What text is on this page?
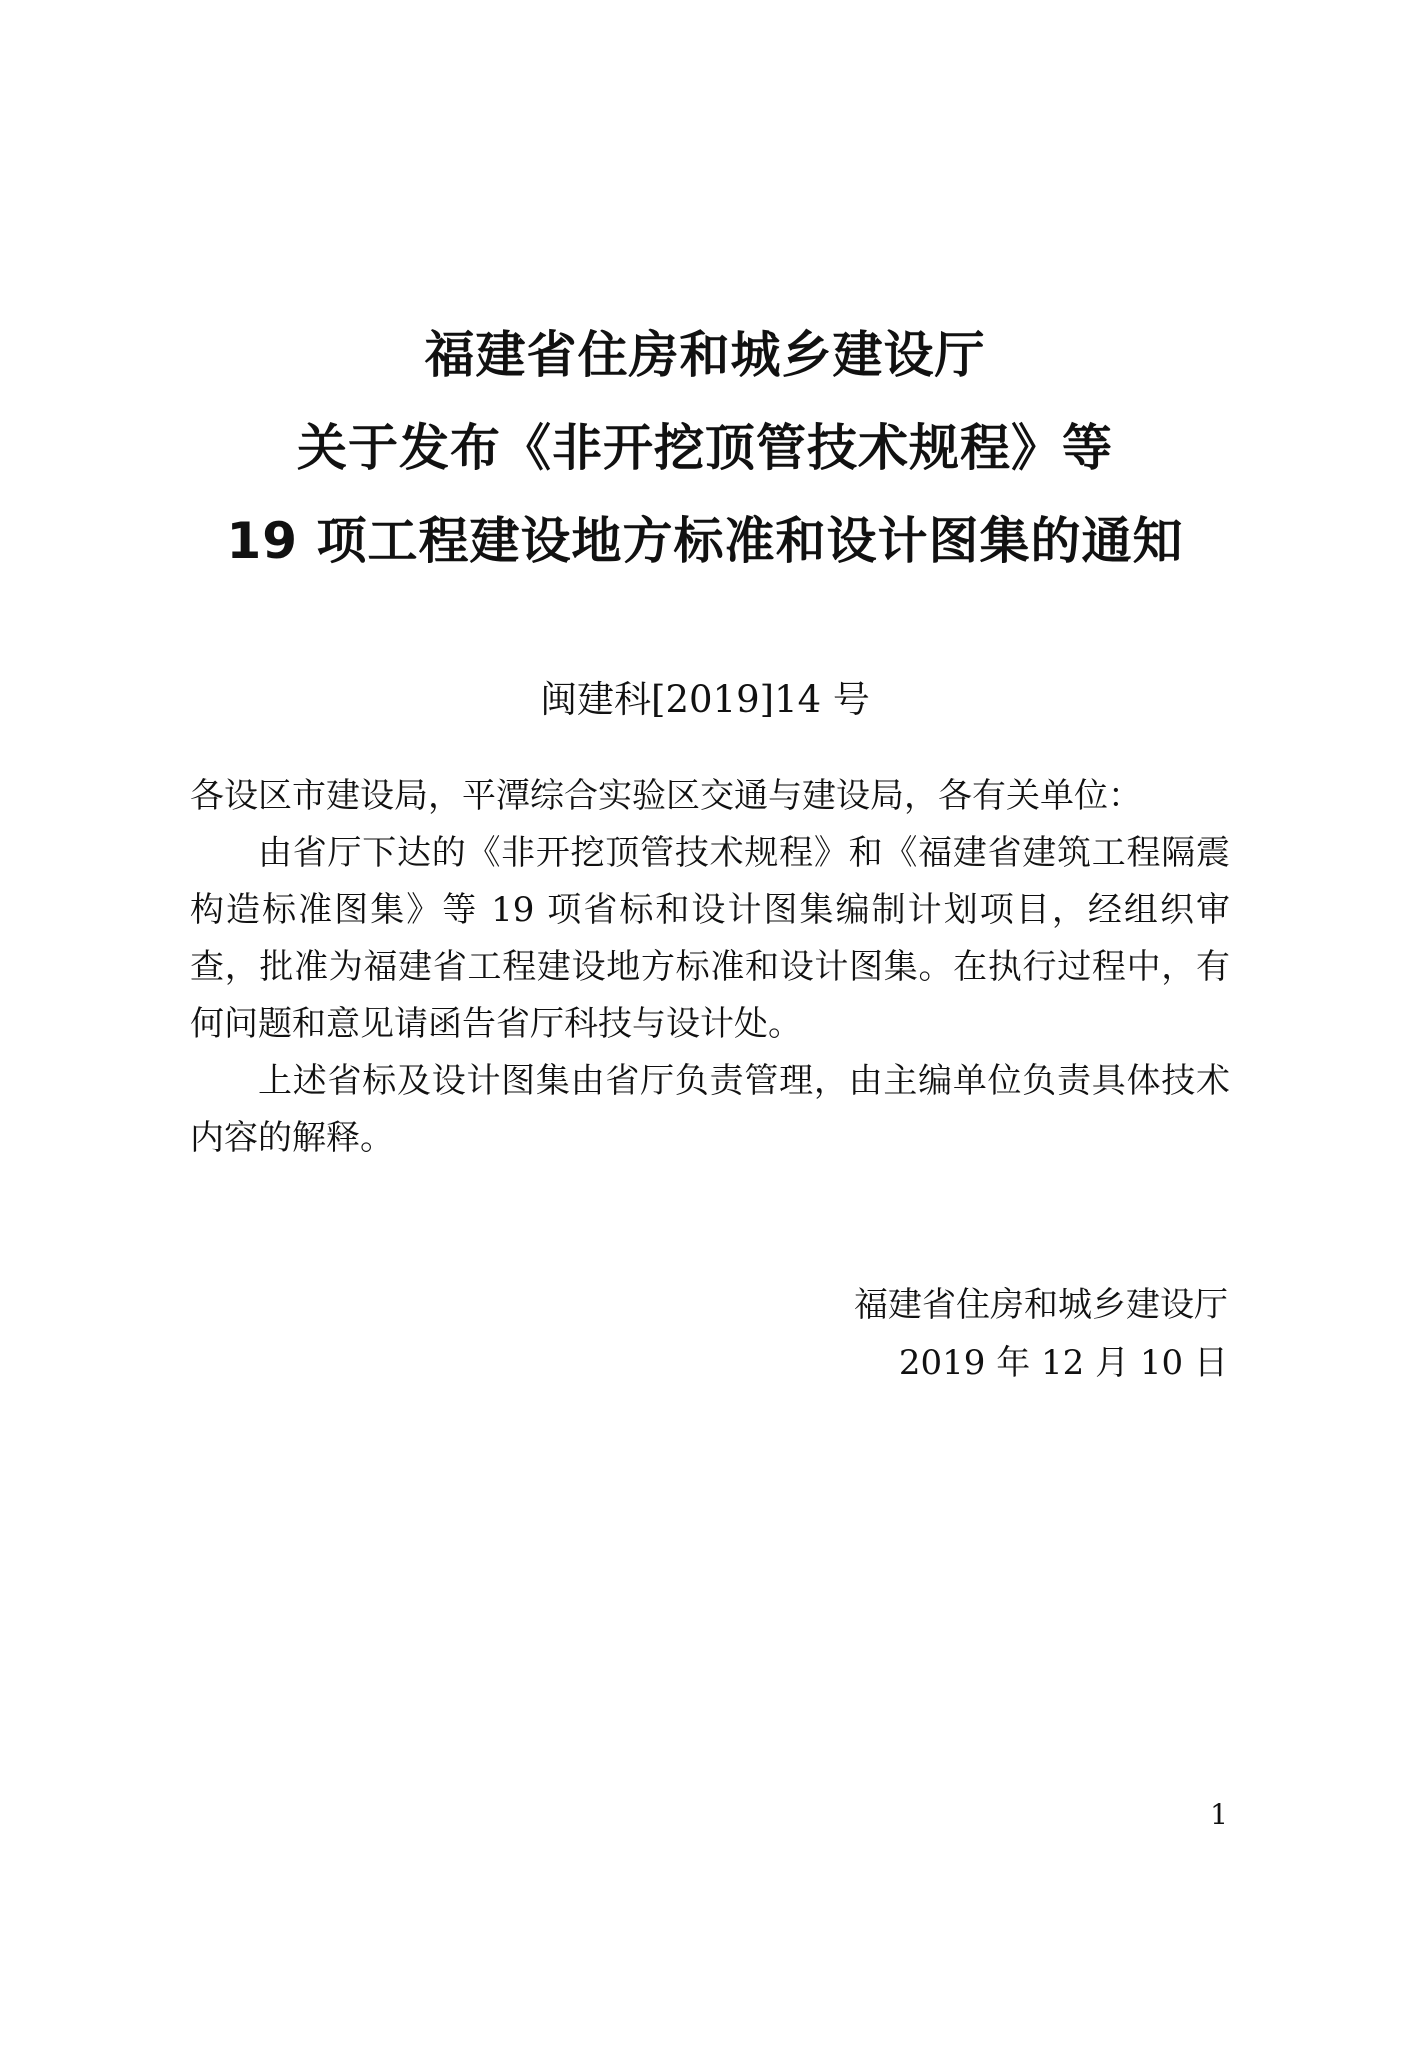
福建省住房和城乡建设厅
关于发布《非开挖顶管技术规程》等
19 项工程建设地方标准和设计图集的通知
闽建科[2019]14 号

各设区市建设局，平潭综合实验区交通与建设局，各有关单位：

由省厅下达的《非开挖顶管技术规程》和《福建省建筑工程隔震构造标准图集》等 19 项省标和设计图集编制计划项目，经组织审查，批准为福建省工程建设地方标准和设计图集。在执行过程中，有何问题和意见请函告省厅科技与设计处。

上述省标及设计图集由省厅负责管理，由主编单位负责具体技术内容的解释。

福建省住房和城乡建设厅
2019 年 12 月 10 日
1
